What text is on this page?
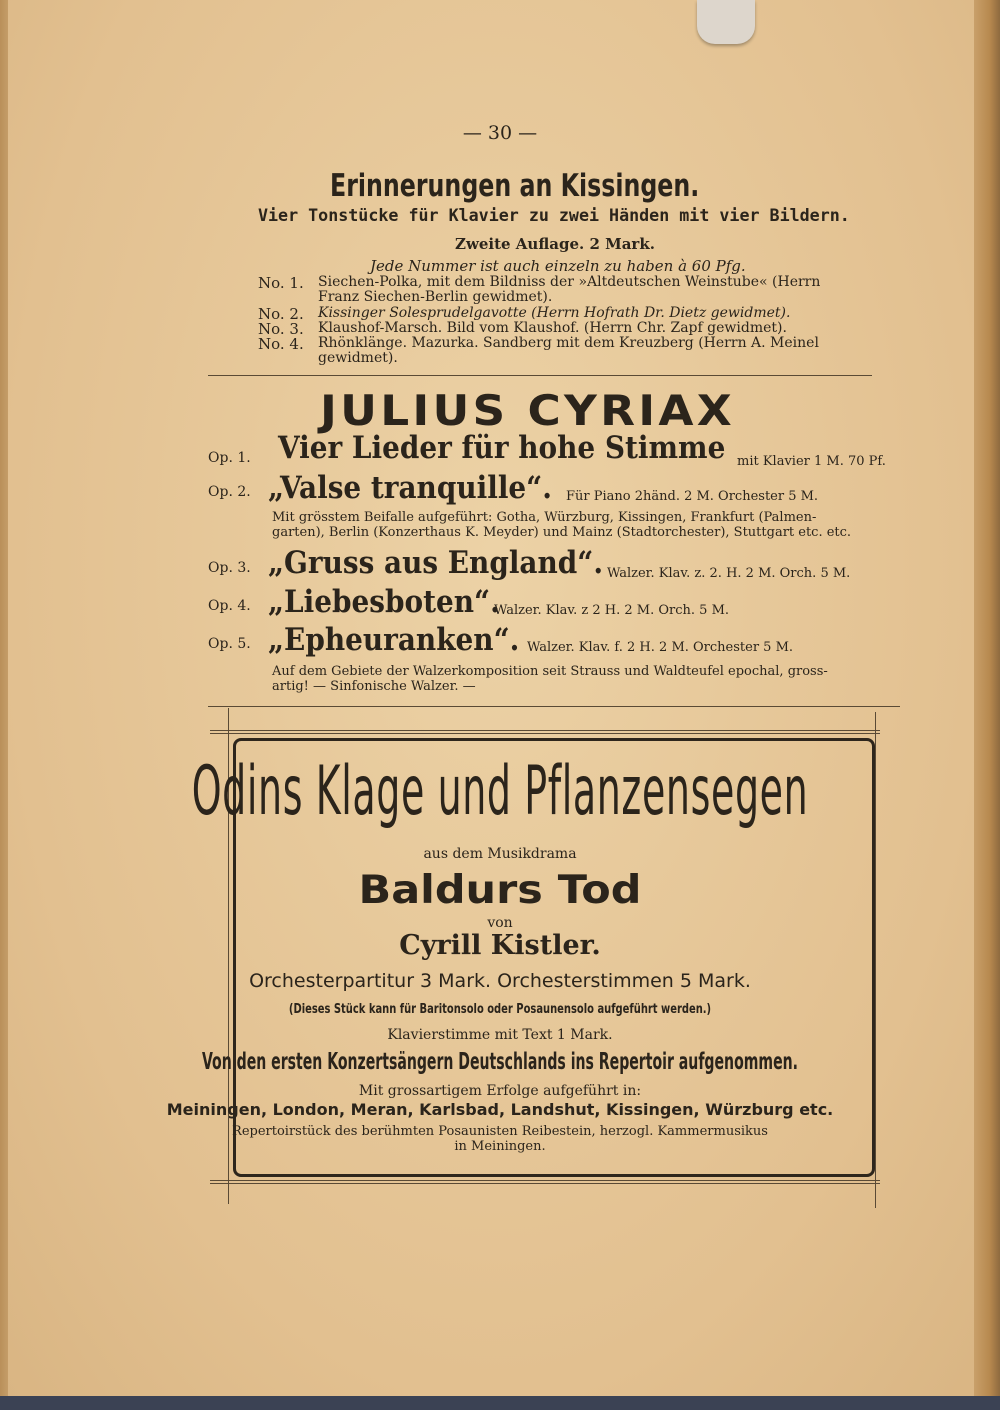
— 30 —
Erinnerungen an Kissingen.
Vier Tonstücke für Klavier zu zwei Händen mit vier Bildern.
Zweite Auflage. 2 Mark.
Jede Nummer ist auch einzeln zu haben à 60 Pfg.
No. 1. Siechen-Polka, mit dem Bildniss der »Altdeutschen Weinstube« (Herrn
Franz Siechen-Berlin gewidmet).
No. 2. Kissinger Solesprudelgavotte (Herrn Hofrath Dr. Dietz gewidmet).
No. 3. Klaushof-Marsch. Bild vom Klaushof. (Herrn Chr. Zapf gewidmet).
No. 4. Rhönklänge. Mazurka. Sandberg mit dem Kreuzberg (Herrn A. Meinel
gewidmet).
JULIUS CYRIAX
Op. 1. Vier Lieder für hohe Stimme mit Klavier 1 M. 70 Pf.
Op. 2. „Valse tranquille“. Für Piano 2händ. 2 M. Orchester 5 M.
Mit grösstem Beifalle aufgeführt: Gotha, Würzburg, Kissingen, Frankfurt (Palmen-
garten), Berlin (Konzerthaus K. Meyder) und Mainz (Stadtorchester), Stuttgart etc. etc.
Op. 3. „Gruss aus England“. Walzer. Klav. z. 2. H. 2 M. Orch. 5 M.
Op. 4. „Liebesboten“.
Walzer. Klav. z 2 H. 2 M. Orch. 5 M.
Op. 5. „Epheuranken“. Walzer. Klav. f. 2 H. 2 M. Orchester 5 M.
Auf dem Gebiete der Walzerkomposition seit Strauss und Waldteufel epochal, gross-
artig! — Sinfonische Walzer. —
Odins Klage und Pflanzensegen
aus dem Musikdrama
Baldurs Tod
von
Cyrill Kistler.
Orchesterpartitur 3 Mark. Orchesterstimmen 5 Mark.
(Dieses Stück kann für Baritonsolo oder Posaunensolo aufgeführt werden.)
Klavierstimme mit Text 1 Mark.
Von den ersten Konzertsängern Deutschlands ins Repertoir aufgenommen.
Mit grossartigem Erfolge aufgeführt in:
Meiningen, London, Meran, Karlsbad, Landshut, Kissingen, Würzburg etc.
Repertoirstück des berühmten Posaunisten Reibestein, herzogl. Kammermusikus
in Meiningen.
